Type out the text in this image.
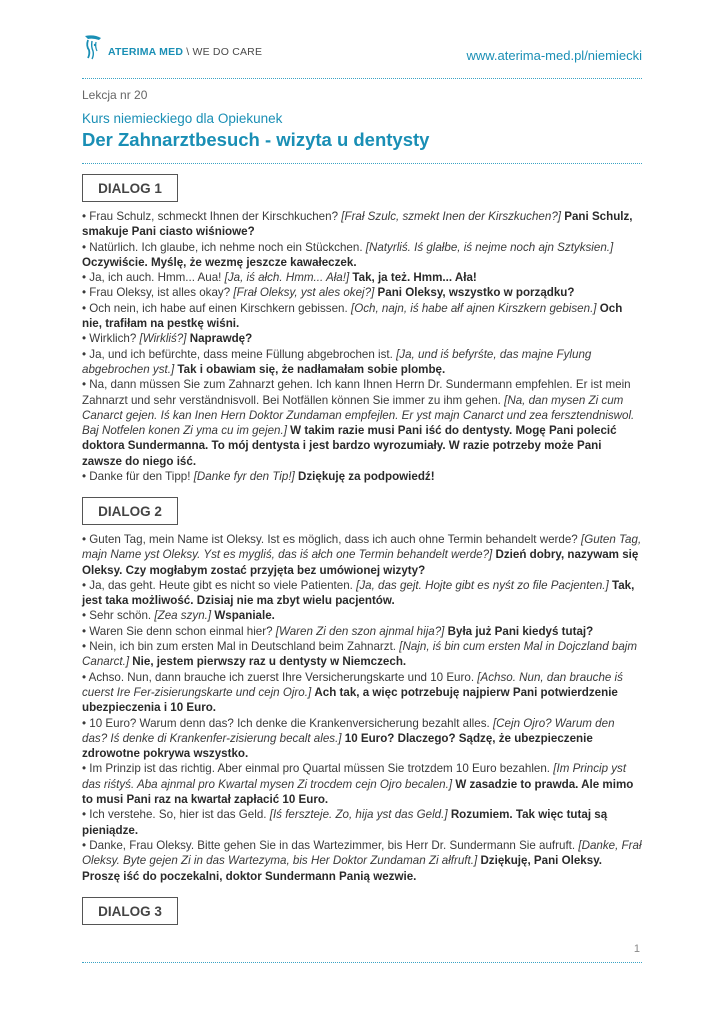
ATERIMA MED \ WE DO CARE	www.aterima-med.pl/niemiecki
Lekcja nr 20
Kurs niemieckiego dla Opiekunek
Der Zahnarztbesuch - wizyta u dentysty
DIALOG 1
• Frau Schulz, schmeckt Ihnen der Kirschkuchen? [Frał Szulc, szmekt Inen der Kirszkuchen?] Pani Schulz, smakuje Pani ciasto wiśniowe?
• Natürlich. Ich glaube, ich nehme noch ein Stückchen. [Natyrliś. Iś glałbe, iś nejme noch ajn Sztyksien.] Oczywiście. Myślę, że wezmę jeszcze kawałeczek.
• Ja, ich auch. Hmm... Aua! [Ja, iś ałch. Hmm... Ała!] Tak, ja też. Hmm... Ała!
• Frau Oleksy, ist alles okay? [Frał Oleksy, yst ales okej?] Pani Oleksy, wszystko w porządku?
• Och nein, ich habe auf einen Kirschkern gebissen. [Och, najn, iś habe ałf ajnen Kirszkern gebisen.] Och nie, trafiłam na pestkę wiśni.
• Wirklich? [Wirkliś?] Naprawdę?
• Ja, und ich befürchte, dass meine Füllung abgebrochen ist. [Ja, und iś befyrśte, das majne Fylung abgebrochen yst.] Tak i obawiam się, że nadłamałam sobie plombę.
• Na, dann müssen Sie zum Zahnarzt gehen. Ich kann Ihnen Herrn Dr. Sundermann empfehlen. Er ist mein Zahnarzt und sehr verständnisvoll. Bei Notfällen können Sie immer zu ihm gehen. [Na, dan mysen Zi cum Canarct gejen. Iś kan Inen Hern Doktor Zundaman empfejlen. Er yst majn Canarct und zea fersztendniswol. Baj Notfelen konen Zi yma cu im gejen.] W takim razie musi Pani iść do dentysty. Mogę Pani polecić doktora Sundermanna. To mój dentysta i jest bardzo wyrozumiały. W razie potrzeby może Pani zawsze do niego iść.
• Danke für den Tipp! [Danke fyr den Tip!] Dziękuję za podpowiedź!
DIALOG 2
• Guten Tag, mein Name ist Oleksy. Ist es möglich, dass ich auch ohne Termin behandelt werde? [Guten Tag, majn Name yst Oleksy. Yst es mygliś, das iś ałch one Termin behandelt werde?] Dzień dobry, nazywam się Oleksy. Czy mogłabym zostać przyjęta bez umówionej wizyty?
• Ja, das geht. Heute gibt es nicht so viele Patienten. [Ja, das gejt. Hojte gibt es nyśt zo file Pacjenten.] Tak, jest taka możliwość. Dzisiaj nie ma zbyt wielu pacjentów.
• Sehr schön. [Zea szyn.] Wspaniale.
• Waren Sie denn schon einmal hier? [Waren Zi den szon ajnmal hija?] Była już Pani kiedyś tutaj?
• Nein, ich bin zum ersten Mal in Deutschland beim Zahnarzt. [Najn, iś bin cum ersten Mal in Dojczland bajm Canarct.] Nie, jestem pierwszy raz u dentysty w Niemczech.
• Achso. Nun, dann brauche ich zuerst Ihre Versicherungskarte und 10 Euro. [Achso. Nun, dan brauche iś cuerst Ire Fer-zisierungskarte und cejn Ojro.] Ach tak, a więc potrzebuję najpierw Pani potwierdzenie ubezpieczenia i 10 Euro.
• 10 Euro? Warum denn das? Ich denke die Krankenversicherung bezahlt alles. [Cejn Ojro? Warum den das? Iś denke di Krankenfer-zisierung becalt ales.] 10 Euro? Dlaczego? Sądzę, że ubezpieczenie zdrowotne pokrywa wszystko.
• Im Prinzip ist das richtig. Aber einmal pro Quartal müssen Sie trotzdem 10 Euro bezahlen. [Im Princip yst das riśtyś. Aba ajnmal pro Kwartal mysen Zi trocdem cejn Ojro becalen.] W zasadzie to prawda. Ale mimo to musi Pani raz na kwartał zapłacić 10 Euro.
• Ich verstehe. So, hier ist das Geld. [Iś ferszteje. Zo, hija yst das Geld.] Rozumiem. Tak więc tutaj są pieniądze.
• Danke, Frau Oleksy. Bitte gehen Sie in das Wartezimmer, bis Herr Dr. Sundermann Sie aufruft. [Danke, Frał Oleksy. Byte gejen Zi in das Wartezyma, bis Her Doktor Zundaman Zi ałfruft.] Dziękuję, Pani Oleksy. Proszę iść do poczekalni, doktor Sundermann Panią wezwie.
DIALOG 3
1
